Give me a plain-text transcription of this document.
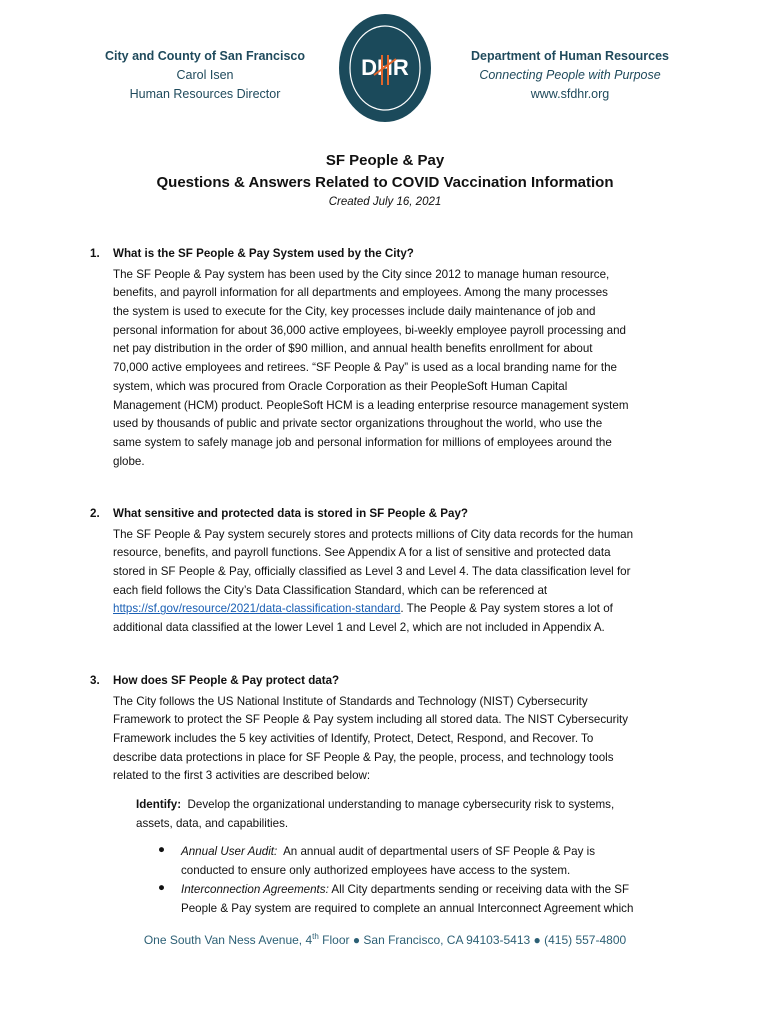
City and County of San Francisco
Carol Isen
Human Resources Director
DHR	Department of Human Resources
Connecting People with Purpose
www.sfdhr.org
SF People & Pay
Questions & Answers Related to COVID Vaccination Information
Created July 16, 2021
1. What is the SF People & Pay System used by the City?
The SF People & Pay system has been used by the City since 2012 to manage human resource,
benefits, and payroll information for all departments and employees. Among the many processes
the system is used to execute for the City, key processes include daily maintenance of job and
personal information for about 36,000 active employees, bi-weekly employee payroll processing and
net pay distribution in the order of $90 million, and annual health benefits enrollment for about
70,000 active employees and retirees. “SF People & Pay” is used as a local branding name for the
system, which was procured from Oracle Corporation as their PeopleSoft Human Capital
Management (HCM) product. PeopleSoft HCM is a leading enterprise resource management system
used by thousands of public and private sector organizations throughout the world, who use the
same system to safely manage job and personal information for millions of employees around the
globe.
2. What sensitive and protected data is stored in SF People & Pay?
The SF People & Pay system securely stores and protects millions of City data records for the human
resource, benefits, and payroll functions. See Appendix A for a list of sensitive and protected data
stored in SF People & Pay, officially classified as Level 3 and Level 4. The data classification level for
each field follows the City’s Data Classification Standard, which can be referenced at
https://sf.gov/resource/2021/data-classification-standard. The People & Pay system stores a lot of
additional data classified at the lower Level 1 and Level 2, which are not included in Appendix A.
3. How does SF People & Pay protect data?
The City follows the US National Institute of Standards and Technology (NIST) Cybersecurity
Framework to protect the SF People & Pay system including all stored data. The NIST Cybersecurity
Framework includes the 5 key activities of Identify, Protect, Detect, Respond, and Recover. To
describe data protections in place for SF People & Pay, the people, process, and technology tools
related to the first 3 activities are described below:
Identify: Develop the organizational understanding to manage cybersecurity risk to systems,
assets, data, and capabilities.
● Annual User Audit: An annual audit of departmental users of SF People & Pay is
conducted to ensure only authorized employees have access to the system.
● Interconnection Agreements: All City departments sending or receiving data with the SF
People & Pay system are required to complete an annual Interconnect Agreement which
One South Van Ness Avenue, 4th Floor ● San Francisco, CA 94103-5413 ● (415) 557-4800
